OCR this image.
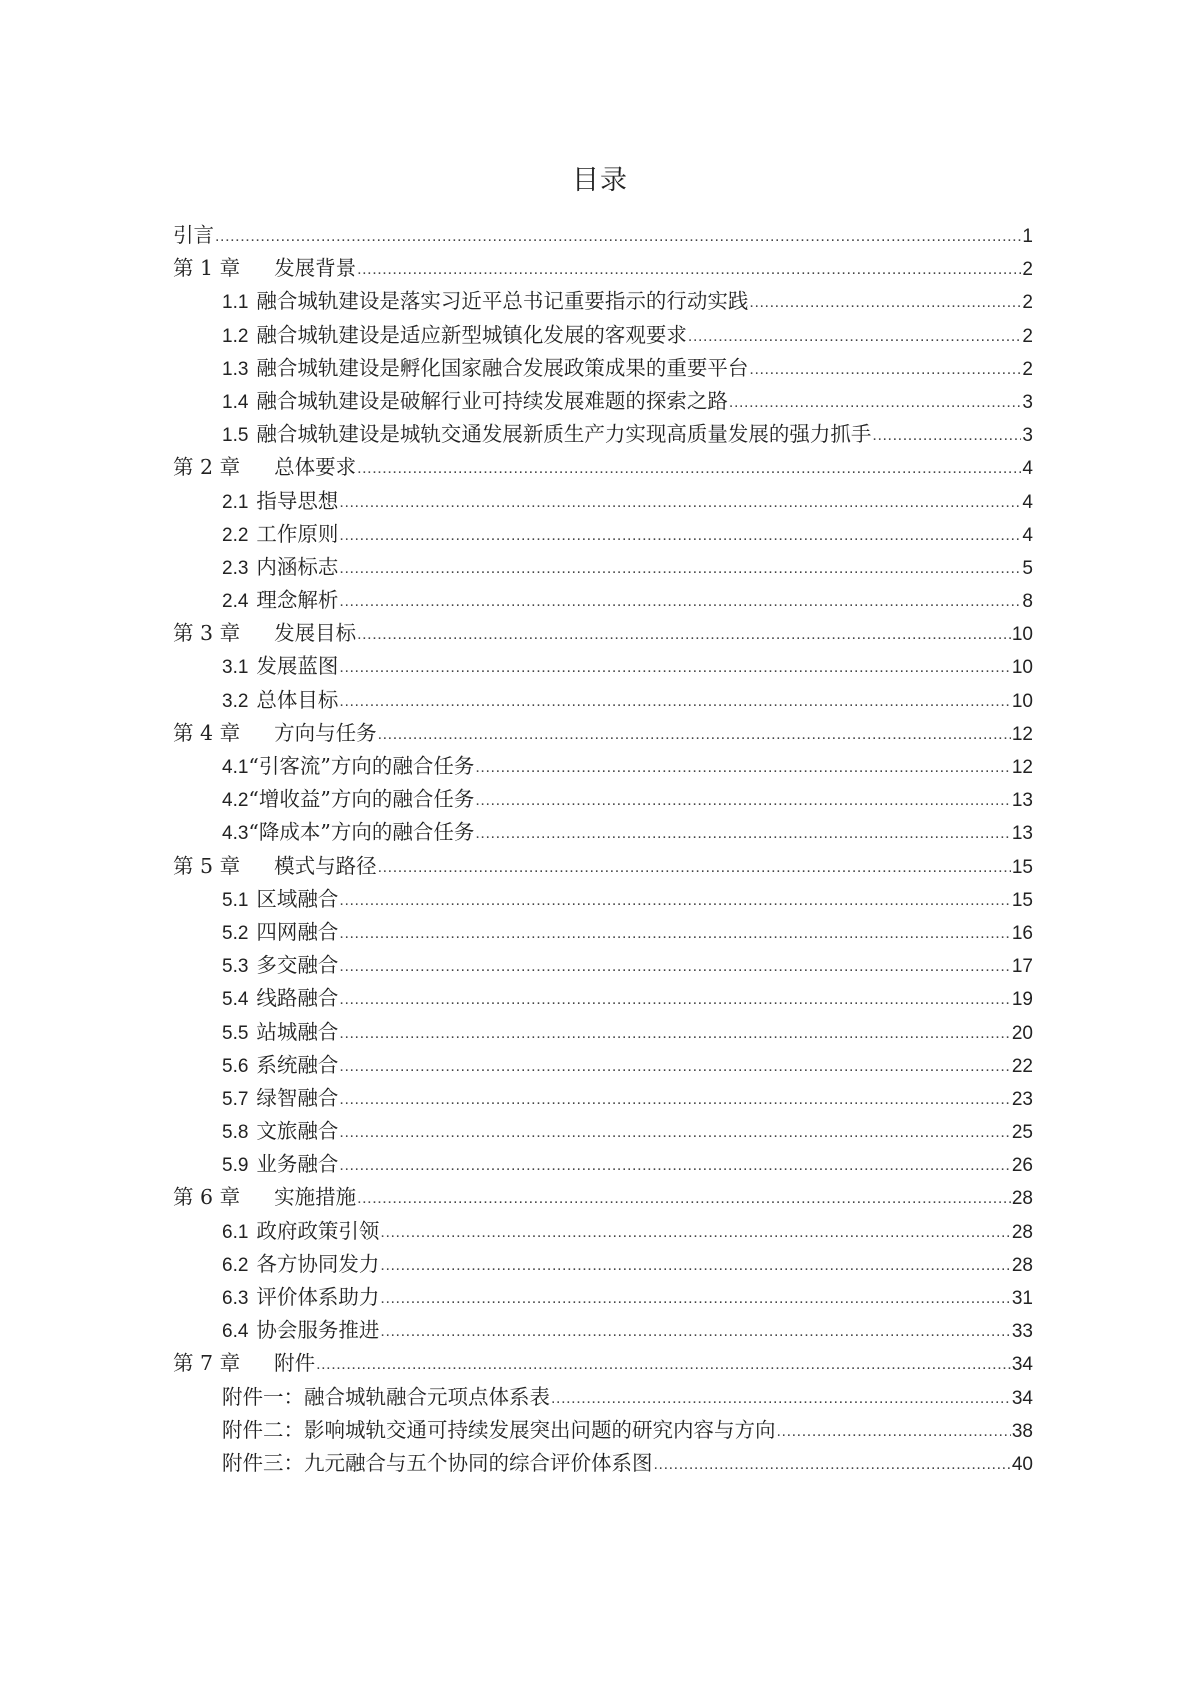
目录
引言 .....	1
第 1 章 发展背景 .....	2
1.1 融合城轨建设是落实习近平总书记重要指示的行动实践 .....	2
1.2 融合城轨建设是适应新型城镇化发展的客观要求 .....	2
1.3 融合城轨建设是孵化国家融合发展政策成果的重要平台 .....	2
1.4 融合城轨建设是破解行业可持续发展难题的探索之路 .....	3
1.5 融合城轨建设是城轨交通发展新质生产力实现高质量发展的强力抓手 .....	3
第 2 章 总体要求 .....	4
2.1 指导思想 .....	4
2.2 工作原则 .....	4
2.3 内涵标志 .....	5
2.4 理念解析 .....	8
第 3 章 发展目标 .....	10
3.1 发展蓝图 .....	10
3.2 总体目标 .....	10
第 4 章 方向与任务 .....	12
4.1 “引客流”方向的融合任务 .....	12
4.2 “增收益”方向的融合任务 .....	13
4.3 “降成本”方向的融合任务 .....	13
第 5 章 模式与路径 .....	15
5.1 区域融合 .....	15
5.2 四网融合 .....	16
5.3 多交融合 .....	17
5.4 线路融合 .....	19
5.5 站城融合 .....	20
5.6 系统融合 .....	22
5.7 绿智融合 .....	23
5.8 文旅融合 .....	25
5.9 业务融合 .....	26
第 6 章 实施措施 .....	28
6.1 政府政策引领 .....	28
6.2 各方协同发力 .....	28
6.3 评价体系助力 .....	31
6.4 协会服务推进 .....	33
第 7 章 附件 .....	34
附件一：融合城轨融合元项点体系表 .....	34
附件二：影响城轨交通可持续发展突出问题的研究内容与方向 .....	38
附件三：九元融合与五个协同的综合评价体系图 .....	40
